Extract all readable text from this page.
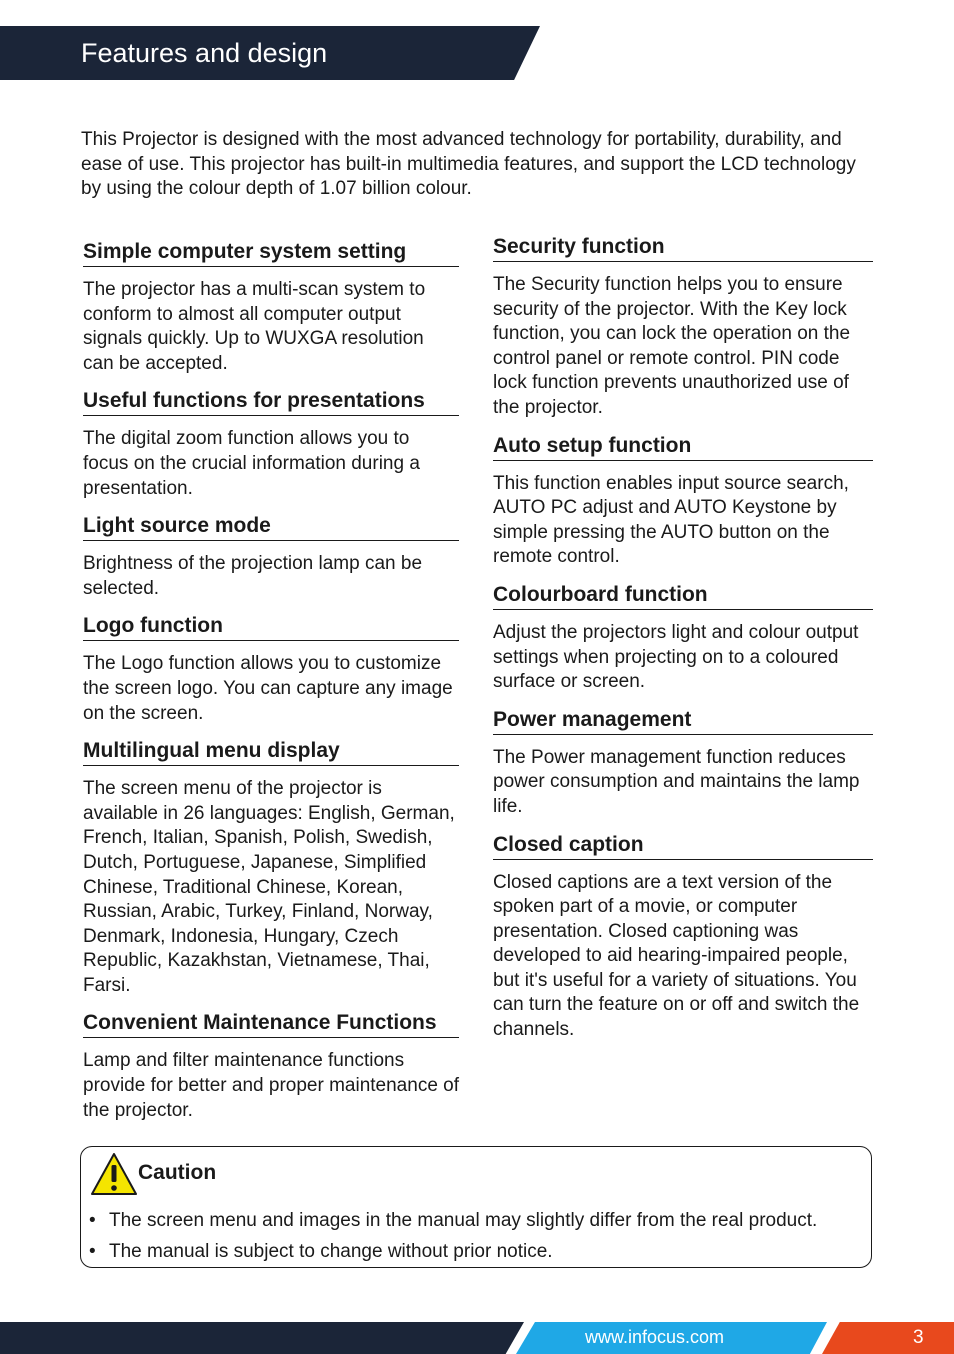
Features and design

This Projector is designed with the most advanced technology for portability, durability, and ease of use. This projector has built-in multimedia features, and support the LCD technology by using the colour depth of 1.07 billion colour.

Simple computer system setting

The projector has a multi-scan system to conform to almost all computer output signals quickly. Up to WUXGA resolution can be accepted.

Useful functions for presentations

The digital zoom function allows you to focus on the crucial information during a presentation.

Light source mode

Brightness of the projection lamp can be selected.

Logo function

The Logo function allows you to customize the screen logo. You can capture any image on the screen.

Multilingual menu display

The screen menu of the projector is available in 26 languages: English, German, French, Italian, Spanish, Polish, Swedish, Dutch, Portuguese, Japanese, Simplified Chinese, Traditional Chinese, Korean, Russian, Arabic, Turkey, Finland, Norway, Denmark, Indonesia, Hungary, Czech Republic, Kazakhstan, Vietnamese, Thai, Farsi.

Convenient Maintenance Functions

Lamp and filter maintenance functions provide for better and proper maintenance of the projector.

Security function

The Security function helps you to ensure security of the projector. With the Key lock function, you can lock the operation on the control panel or remote control. PIN code lock function prevents unauthorized use of the projector.

Auto setup function

This function enables input source search, AUTO PC adjust and AUTO Keystone by simple pressing the AUTO button on the remote control.

Colourboard function

Adjust the projectors light and colour output settings when projecting on to a coloured surface or screen.

Power management

The Power management function reduces power consumption and maintains the lamp life.

Closed caption

Closed captions are a text version of the spoken part of a movie, or computer presentation. Closed captioning was developed to aid hearing-impaired people, but it's useful for a variety of situations. You can turn the feature on or off and switch the channels.

Caution
• The screen menu and images in the manual may slightly differ from the real product.
• The manual is subject to change without prior notice.
www.infocus.com	3
